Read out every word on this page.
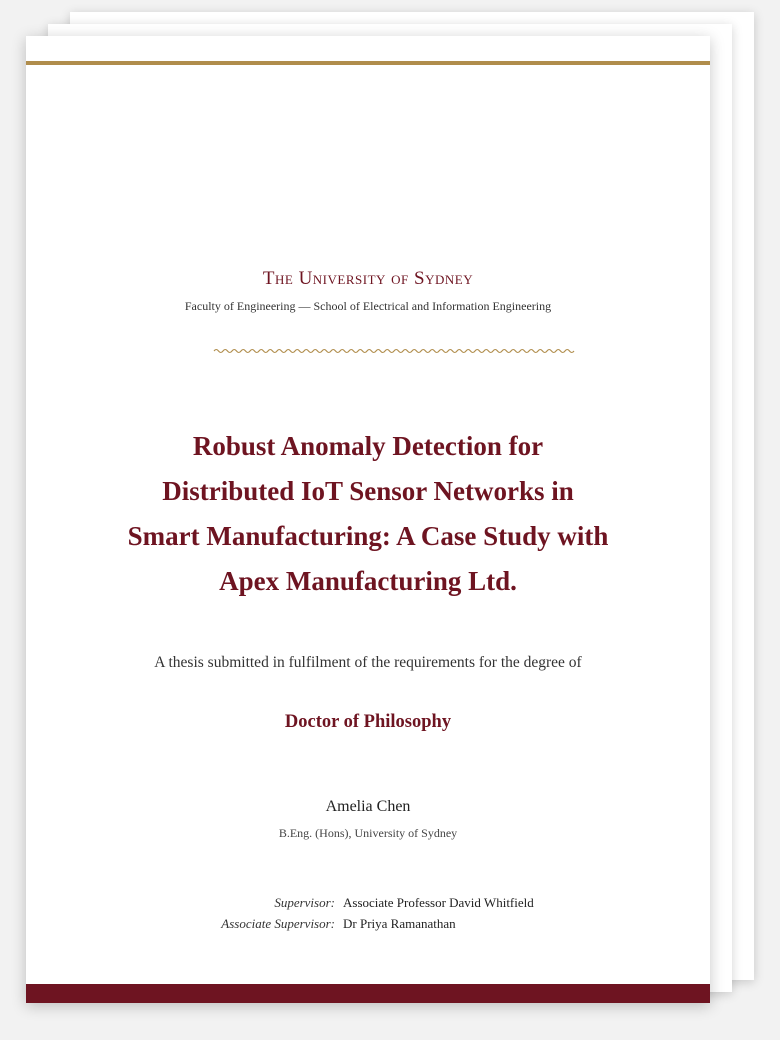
The University of Sydney
Faculty of Engineering — School of Electrical and Information Engineering
Robust Anomaly Detection for Distributed IoT Sensor Networks in Smart Manufacturing: A Case Study with Apex Manufacturing Ltd.
A thesis submitted in fulfilment of the requirements for the degree of
Doctor of Philosophy
Amelia Chen
B.Eng. (Hons), University of Sydney
Supervisor: Associate Professor David Whitfield
Associate Supervisor: Dr Priya Ramanathan
